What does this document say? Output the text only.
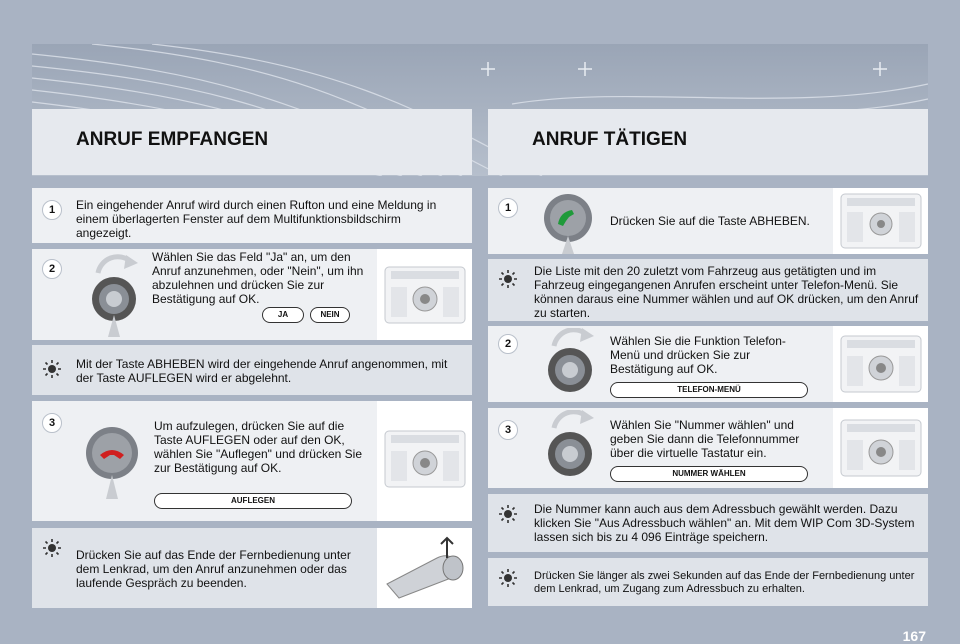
ANRUF EMPFANGEN
1	Ein eingehender Anruf wird durch einen Rufton und eine Meldung in einem überlagerten Fenster auf dem Multifunktionsbildschirm angezeigt.
2
Wählen Sie das Feld "Ja" an, um den Anruf anzunehmen, oder "Nein", um ihn abzulehnen und drücken Sie zur Bestätigung auf OK.
JA	NEIN
Mit der Taste ABHEBEN wird der eingehende Anruf angenommen, mit der Taste AUFLEGEN wird er abgelehnt.
3	Um aufzulegen, drücken Sie auf die Taste AUFLEGEN oder auf den OK, wählen Sie "Auflegen" und drücken Sie zur Bestätigung auf OK.
AUFLEGEN
Drücken Sie auf das Ende der Fernbedienung unter dem Lenkrad, um den Anruf anzunehmen oder das laufende Gespräch zu beenden.
ANRUF TÄTIGEN
1
Drücken Sie auf die Taste ABHEBEN.
Die Liste mit den 20 zuletzt vom Fahrzeug aus getätigten und im Fahrzeug eingegangenen Anrufen erscheint unter Telefon-Menü. Sie können daraus eine Nummer wählen und auf OK drücken, um den Anruf zu starten.
2	Wählen Sie die Funktion Telefon-Menü und drücken Sie zur Bestätigung auf OK.
TELEFON-MENÜ
3	Wählen Sie "Nummer wählen" und geben Sie dann die Telefonnummer über die virtuelle Tastatur ein.
NUMMER WÄHLEN
Die Nummer kann auch aus dem Adressbuch gewählt werden. Dazu klicken Sie "Aus Adressbuch wählen" an. Mit dem WIP Com 3D-System lassen sich bis zu 4 096 Einträge speichern.
Drücken Sie länger als zwei Sekunden auf das Ende der Fernbedienung unter dem Lenkrad, um Zugang zum Adressbuch zu erhalten.
167
